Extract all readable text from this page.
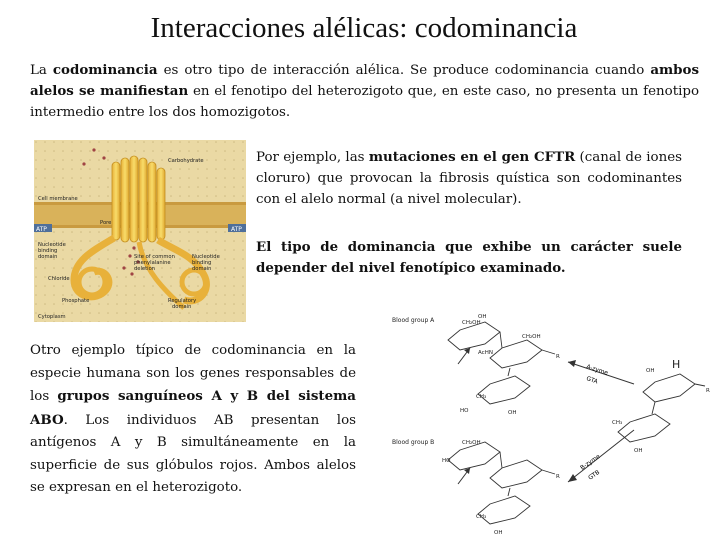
Interacciones alélicas: codominancia
La codominancia es otro tipo de interacción alélica. Se produce codominancia cuando ambos alelos se manifiestan en el fenotipo del heterozigoto que, en este caso, no presenta un fenotipo intermedio entre los dos homozigotos.
Por ejemplo, las mutaciones en el gen CFTR (canal de iones cloruro) que provocan la fibrosis quística son codominantes con el alelo normal (a nivel molecular).
El tipo de dominancia que exhibe un carácter suele depender del nivel fenotípico examinado.
Otro ejemplo típico de codominancia en la especie humana son los genes responsables de los grupos sanguíneos A y B del sistema ABO. Los individuos AB presentan los antígenos A y B simultáneamente en la superficie de sus glóbulos rojos. Ambos alelos se expresan en el heterozigoto.
ATP	ATP
Carbohydrate
Cell membrane
Pore
Nucleotide binding domain	Site of common phenylalanine deletion
Nucleotide binding domain
Chloride
Phosphate	Regulatory domain
Cytoplasm	Blood group A
Blood group B
H
A-zyme
GTA
B-zyme
GTB
OH
CH₂OH
AcHN
R
CH₂OH
CH₃
HO	OH
R
CH₂OH
HO
CH₃
OH
OH
R
CH₃
OH
